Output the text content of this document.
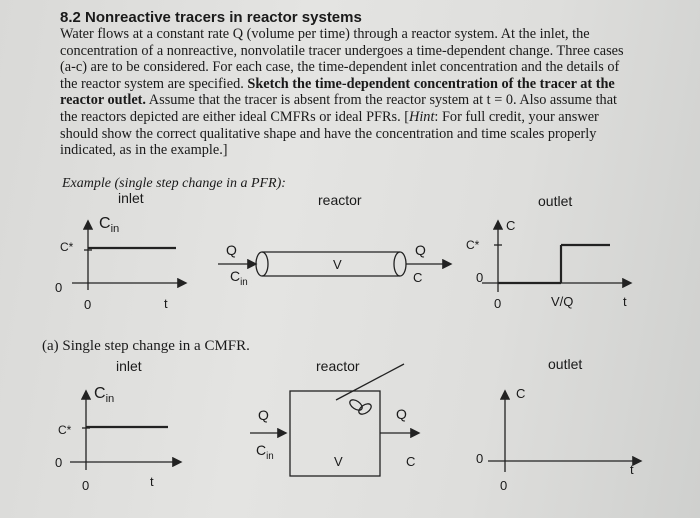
8.2 Nonreactive tracers in reactor systems
Water flows at a constant rate Q (volume per time) through a reactor system. At the inlet, the concentration of a nonreactive, nonvolatile tracer undergoes a time-dependent change. Three cases (a-c) are to be considered. For each case, the time-dependent inlet concentration and the details of the reactor system are specified. Sketch the time-dependent concentration of the tracer at the reactor outlet. Assume that the tracer is absent from the reactor system at t = 0. Also assume that the reactors depicted are either ideal CMFRs or ideal PFRs. [Hint: For full credit, your answer should show the correct qualitative shape and have the concentration and time scales properly indicated, as in the example.]
Example (single step change in a PFR):
inlet	reactor	outlet
$C_{in}$
C*
0
0	t
Q
$C_{in}$
V
Q
C
C
C*
0
0	V/Q	t
(a) Single step change in a CMFR.
inlet	reactor	outlet
$C_{in}$
C*
0
0	t
Q
$C_{in}$	V
Q
C
C
0
0
t
